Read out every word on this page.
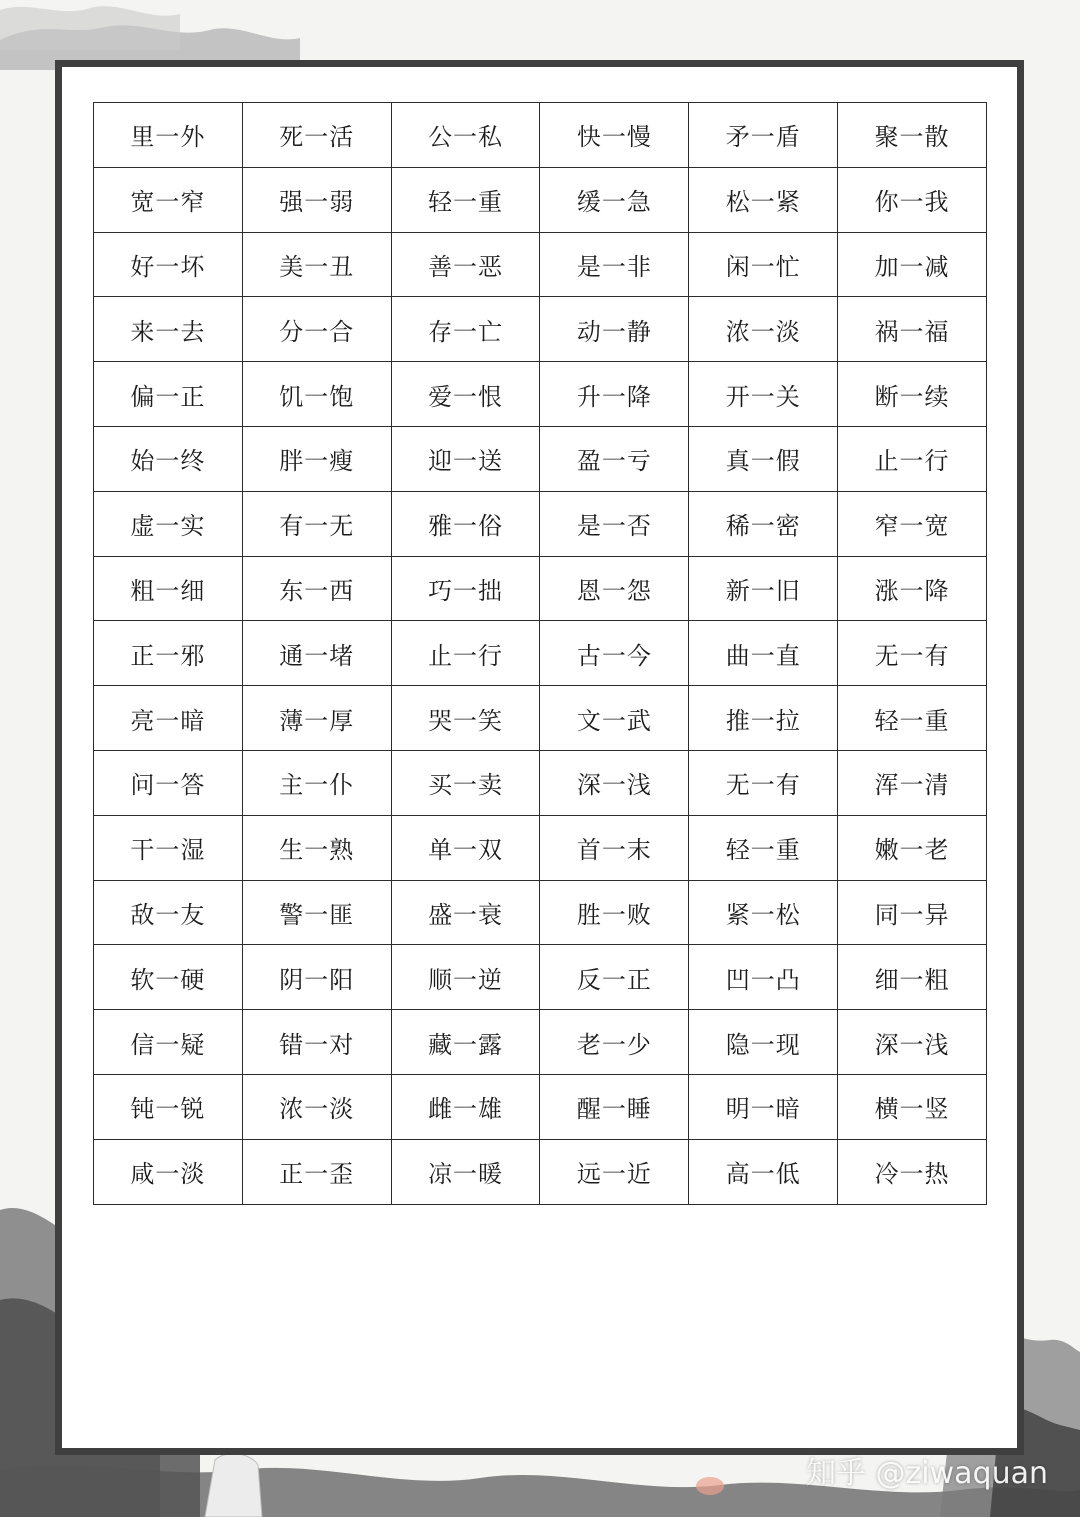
里一外	死一活	公一私	快一慢	矛一盾	聚一散
宽一窄	强一弱	轻一重	缓一急	松一紧	你一我
好一坏	美一丑	善一恶	是一非	闲一忙	加一减
来一去	分一合	存一亡	动一静	浓一淡	祸一福
偏一正	饥一饱	爱一恨	升一降	开一关	断一续
始一终	胖一瘦	迎一送	盈一亏	真一假	止一行
虚一实	有一无	雅一俗	是一否	稀一密	窄一宽
粗一细	东一西	巧一拙	恩一怨	新一旧	涨一降
正一邪	通一堵	止一行	古一今	曲一直	无一有
亮一暗	薄一厚	哭一笑	文一武	推一拉	轻一重
问一答	主一仆	买一卖	深一浅	无一有	浑一清
干一湿	生一熟	单一双	首一末	轻一重	嫩一老
敌一友	警一匪	盛一衰	胜一败	紧一松	同一异
软一硬	阴一阳	顺一逆	反一正	凹一凸	细一粗
信一疑	错一对	藏一露	老一少	隐一现	深一浅
钝一锐	浓一淡	雌一雄	醒一睡	明一暗	横一竖
咸一淡	正一歪	凉一暖	远一近	高一低	冷一热
知乎 @ziwaquan
